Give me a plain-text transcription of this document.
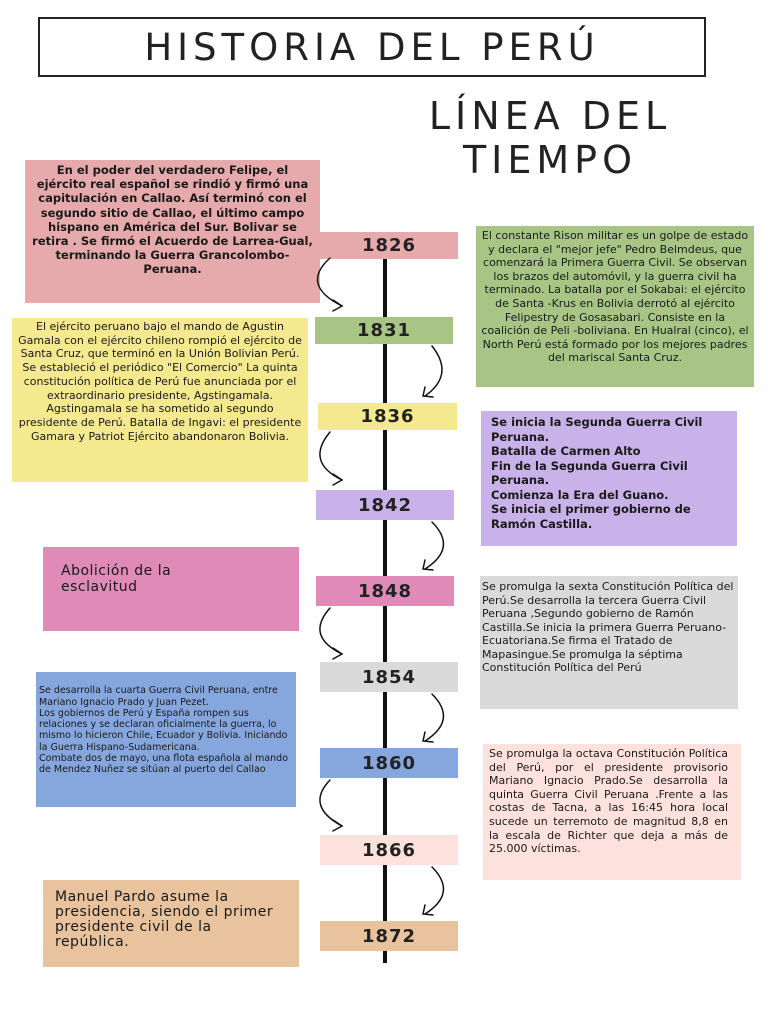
HISTORIA DEL PERÚ
LÍNEA DEL
TIEMPO

En el poder del verdadero Felipe, el ejército real español se rindió y firmó una capitulación en Callao. Así terminó con el segundo sitio de Callao, el último campo hispano en América del Sur. Bolivar se retira . Se firmó el Acuerdo de Larrea-Gual, terminando la Guerra Grancolombo-Peruana.

El constante Rison militar es un golpe de estado y declara el "mejor jefe" Pedro Belmdeus, que comenzará la Primera Guerra Civil. Se observan los brazos del automóvil, y la guerra civil ha terminado. La batalla por el Sokabai: el ejército de Santa -Krus en Bolivia derrotó al ejército Felipestry de Gosasabari. Consiste en la coalición de Peli -boliviana. En Hualral (cinco), el North Perú está formado por los mejores padres del mariscal Santa Cruz.

El ejército peruano bajo el mando de Agustin Gamala con el ejército chileno rompió el ejército de Santa Cruz, que terminó en la Unión Bolivian Perú. Se estableció el periódico "El Comercio" La quinta constitución política de Perú fue anunciada por el extraordinario presidente, Agstingamala. Agstingamala se ha sometido al segundo presidente de Perú. Batalla de Ingavi: el presidente Gamara y Patriot Ejército abandonaron Bolivia.

Se inicia la Segunda Guerra Civil Peruana.
Batalla de Carmen Alto
Fin de la Segunda Guerra Civil Peruana.
Comienza la Era del Guano.
Se inicia el primer gobierno de Ramón Castilla.

Abolición de la esclavitud	Se promulga la sexta Constitución Política del Perú.Se desarrolla la tercera Guerra Civil Peruana ,Segundo gobierno de Ramón Castilla.Se inicia la primera Guerra Peruano-Ecuatoriana.Se firma el Tratado de Mapasingue.Se promulga la séptima Constitución Política del Perú

Se desarrolla la cuarta Guerra Civil Peruana, entre Mariano Ignacio Prado y Juan Pezet.
Los gobiernos de Perú y España rompen sus relaciones y se declaran oficialmente la guerra, lo mismo lo hicieron Chile, Ecuador y Bolivia. Iniciando la Guerra Hispano-Sudamericana.
Combate dos de mayo, una flota española al mando de Mendez Nuñez se sitúan al puerto del Callao

Se promulga la octava Constitución Política del Perú, por el presidente provisorio Mariano Ignacio Prado.Se desarrolla la quinta Guerra Civil Peruana .Frente a las costas de Tacna, a las 16:45 hora local sucede un terremoto de magnitud 8,8 en la escala de Richter que deja a más de 25.000 víctimas.

Manuel Pardo asume la presidencia, siendo el primer presidente civil de la república.

1826
1831
1836
1842
1848
1854
1860
1866
1872
